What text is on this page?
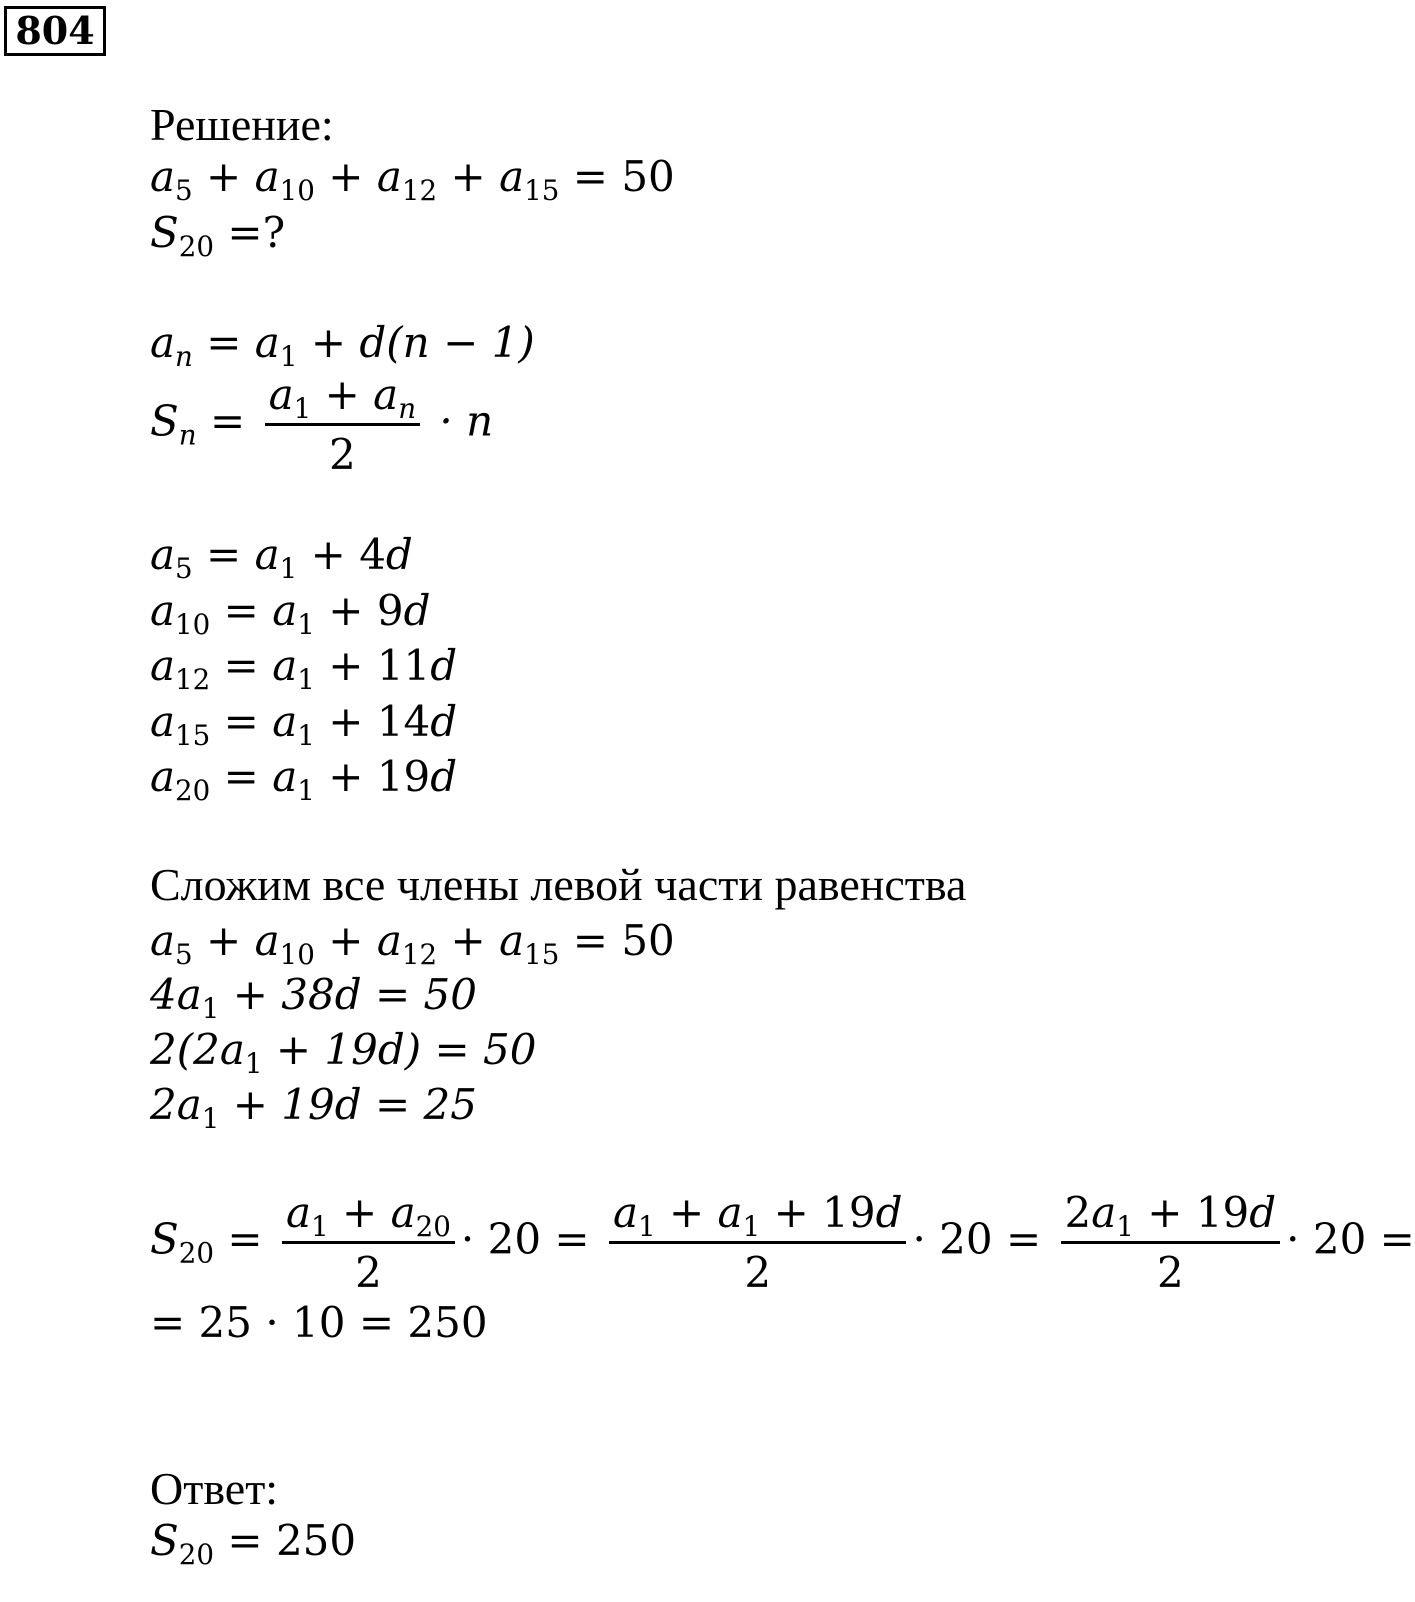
804
Решение:
$a_5 + a_{10} + a_{12} + a_{15} = 50$
$S_{20}$ =?
$a_n = a_1 + d(n - 1)$
$S_n = \frac{a_1 + a_n}{2} \cdot n$
$a_5 = a_1 + 4d$
$a_{10} = a_1 + 9d$
$a_{12} = a_1 + 11d$
$a_{15} = a_1 + 14d$
$a_{20} = a_1 + 19d$
Сложим все члены левой части равенства
$a_5 + a_{10} + a_{12} + a_{15} = 50$
$4a_1 + 38d = 50$
$2(2a_1 + 19d) = 50$
$2a_1 + 19d = 25$
$S_{20} = \frac{a_1 + a_{20}}{2} \cdot 20 = \frac{a_1 + a_1 + 19d}{2} \cdot 20 = \frac{2a_1 + 19d}{2} \cdot 20$ =
= 25 · 10 = 250
Ответ:
$S_{20} = 250$
